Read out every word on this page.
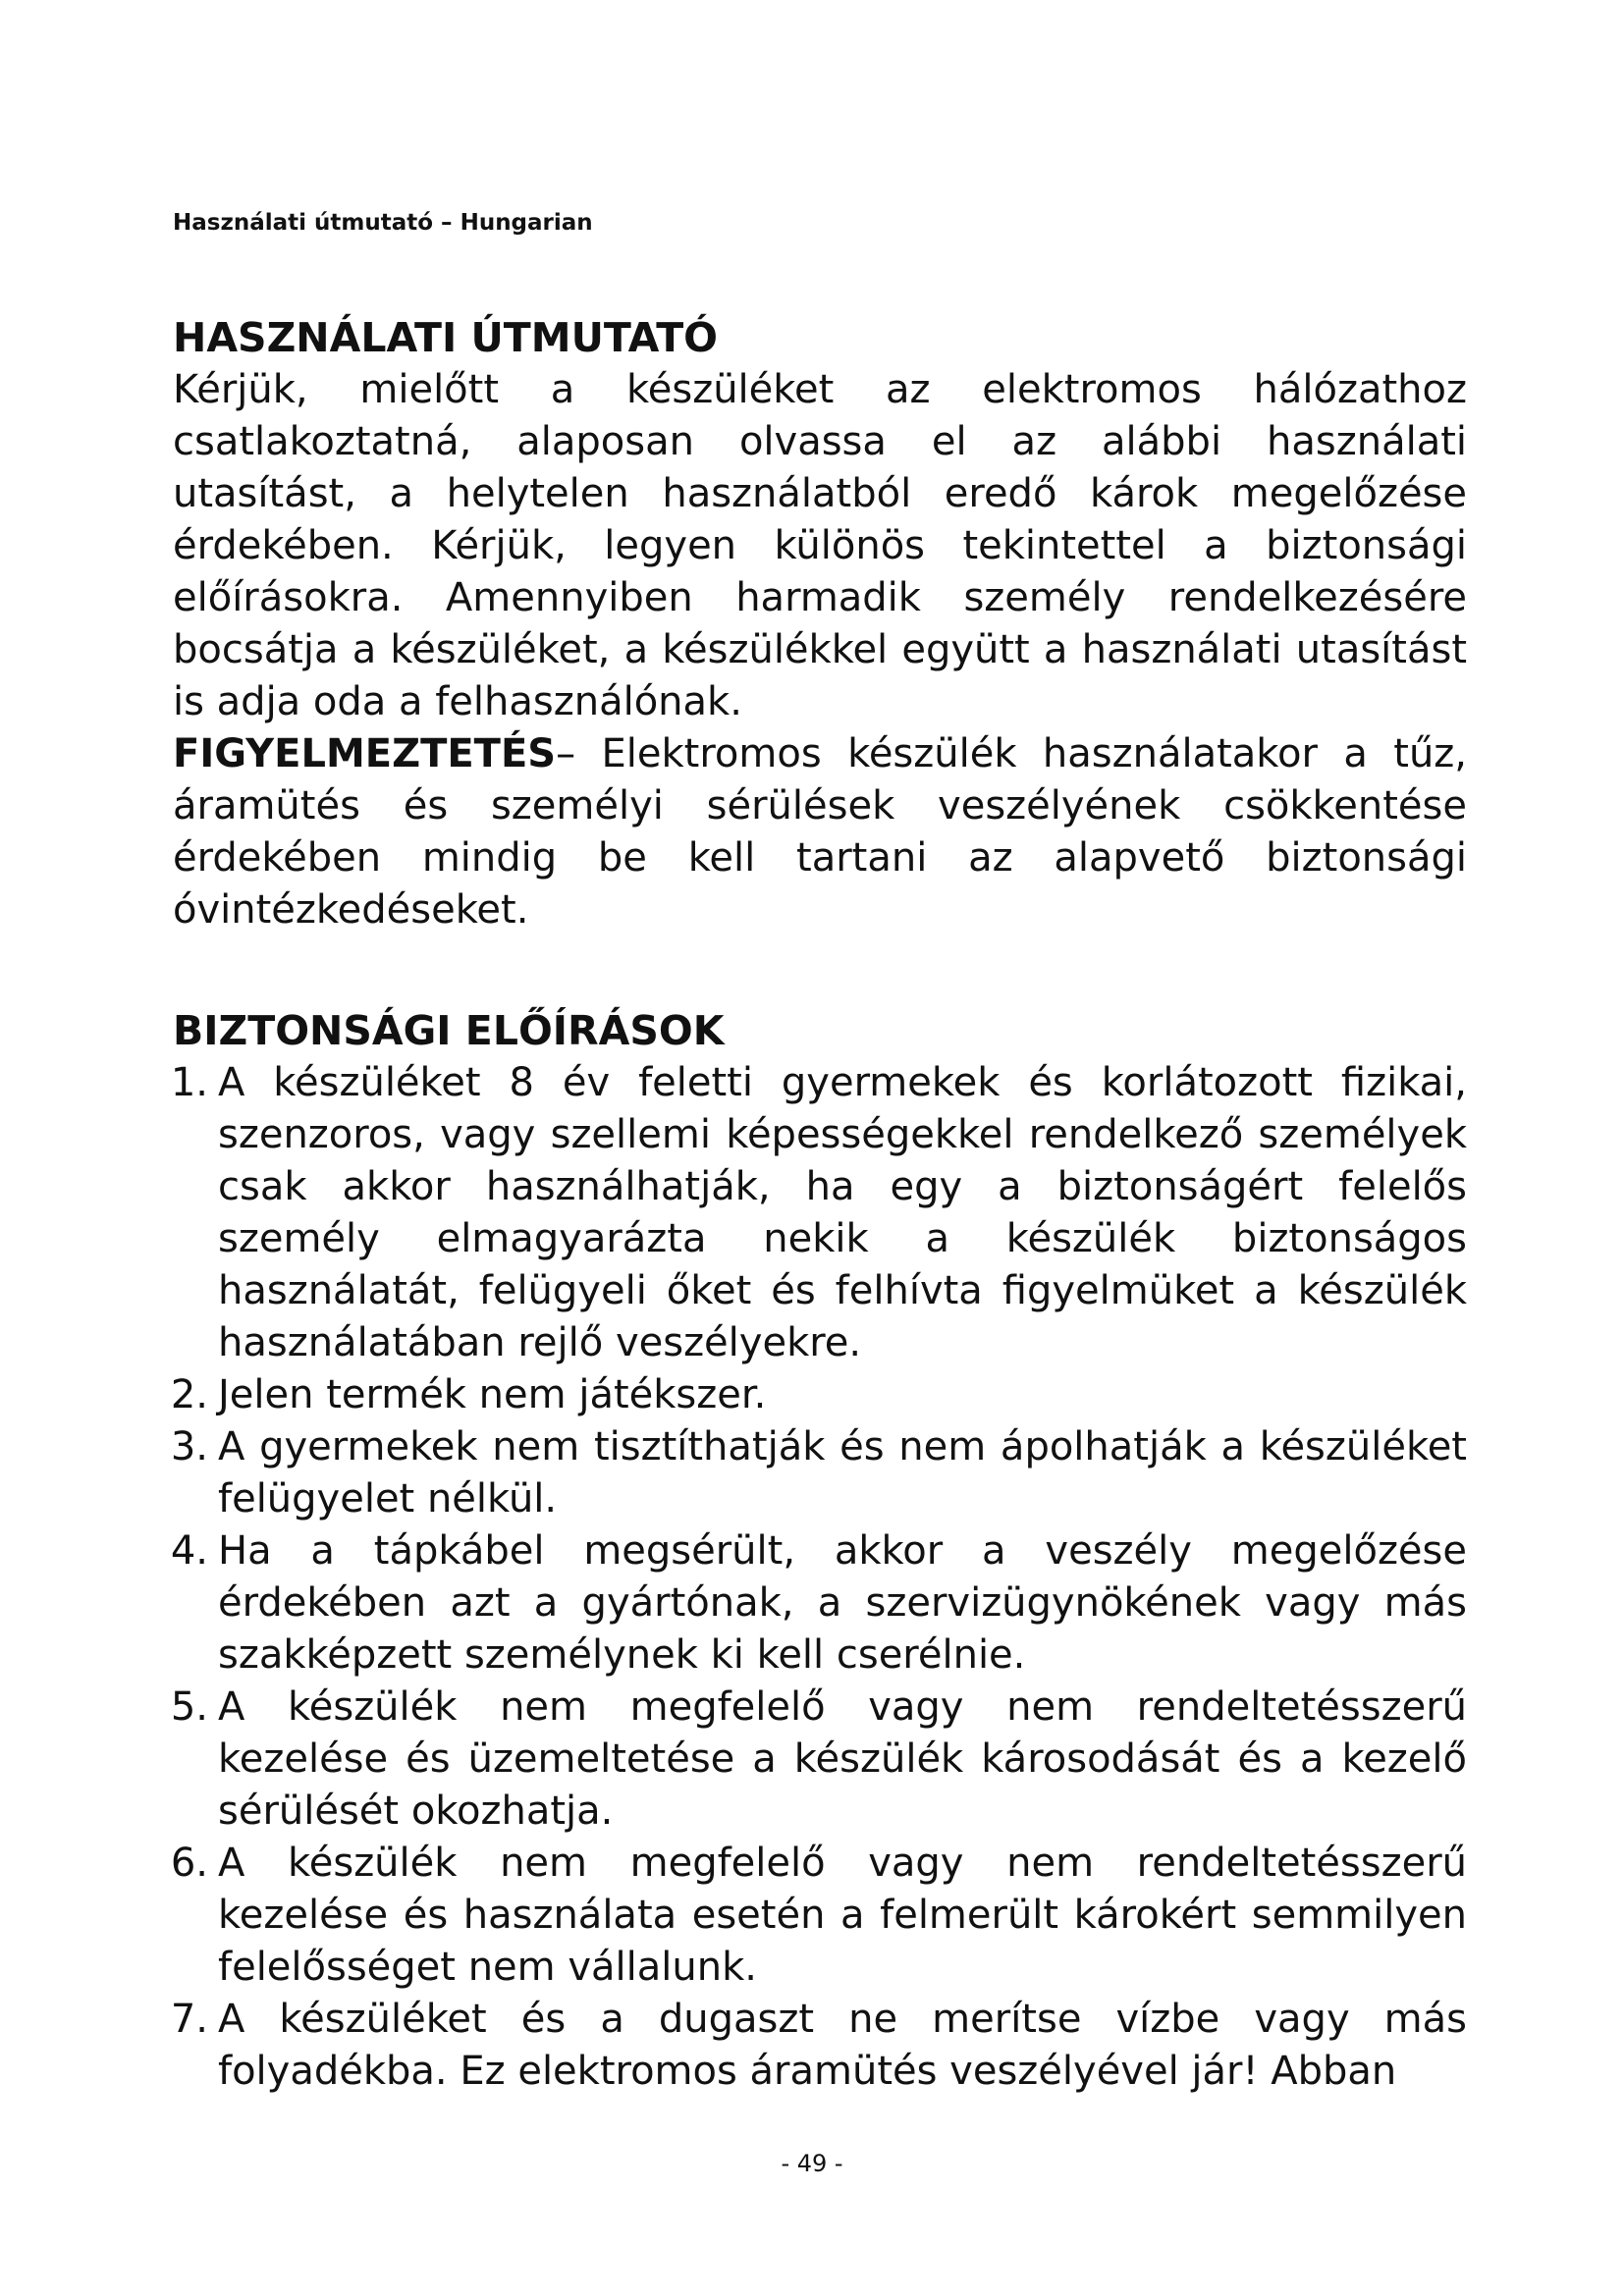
Használati útmutató – Hungarian

HASZNÁLATI ÚTMUTATÓ

Kérjük, mielőtt a készüléket az elektromos hálózathoz csatlakoztatná, alaposan olvassa el az alábbi használati utasítást, a helytelen használatból eredő károk megelőzése érdekében. Kérjük, legyen különös tekintettel a biztonsági előírásokra. Amennyiben harmadik személy rendelkezésére bocsátja a készüléket, a készülékkel együtt a használati utasítást is adja oda a felhasználónak.

FIGYELMEZTETÉS– Elektromos készülék használatakor a tűz, áramütés és személyi sérülések veszélyének csökkentése érdekében mindig be kell tartani az alapvető biztonsági óvintézkedéseket.

BIZTONSÁGI ELŐÍRÁSOK

1. A készüléket 8 év feletti gyermekek és korlátozott fizikai, szenzoros, vagy szellemi képességekkel rendelkező személyek csak akkor használhatják, ha egy a biztonságért felelős személy elmagyarázta nekik a készülék biztonságos használatát, felügyeli őket és felhívta figyelmüket a készülék használatában rejlő veszélyekre.
2. Jelen termék nem játékszer.
3. A gyermekek nem tisztíthatják és nem ápolhatják a készüléket felügyelet nélkül.
4. Ha a tápkábel megsérült, akkor a veszély megelőzése érdekében azt a gyártónak, a szervizügynökének vagy más szakképzett személynek ki kell cserélnie.
5. A készülék nem megfelelő vagy nem rendeltetésszerű kezelése és üzemeltetése a készülék károsodását és a kezelő sérülését okozhatja.
6. A készülék nem megfelelő vagy nem rendeltetésszerű kezelése és használata esetén a felmerült károkért semmilyen felelősséget nem vállalunk.
7. A készüléket és a dugaszt ne merítse vízbe vagy más folyadékba. Ez elektromos áramütés veszélyével jár! Abban
- 49 -
